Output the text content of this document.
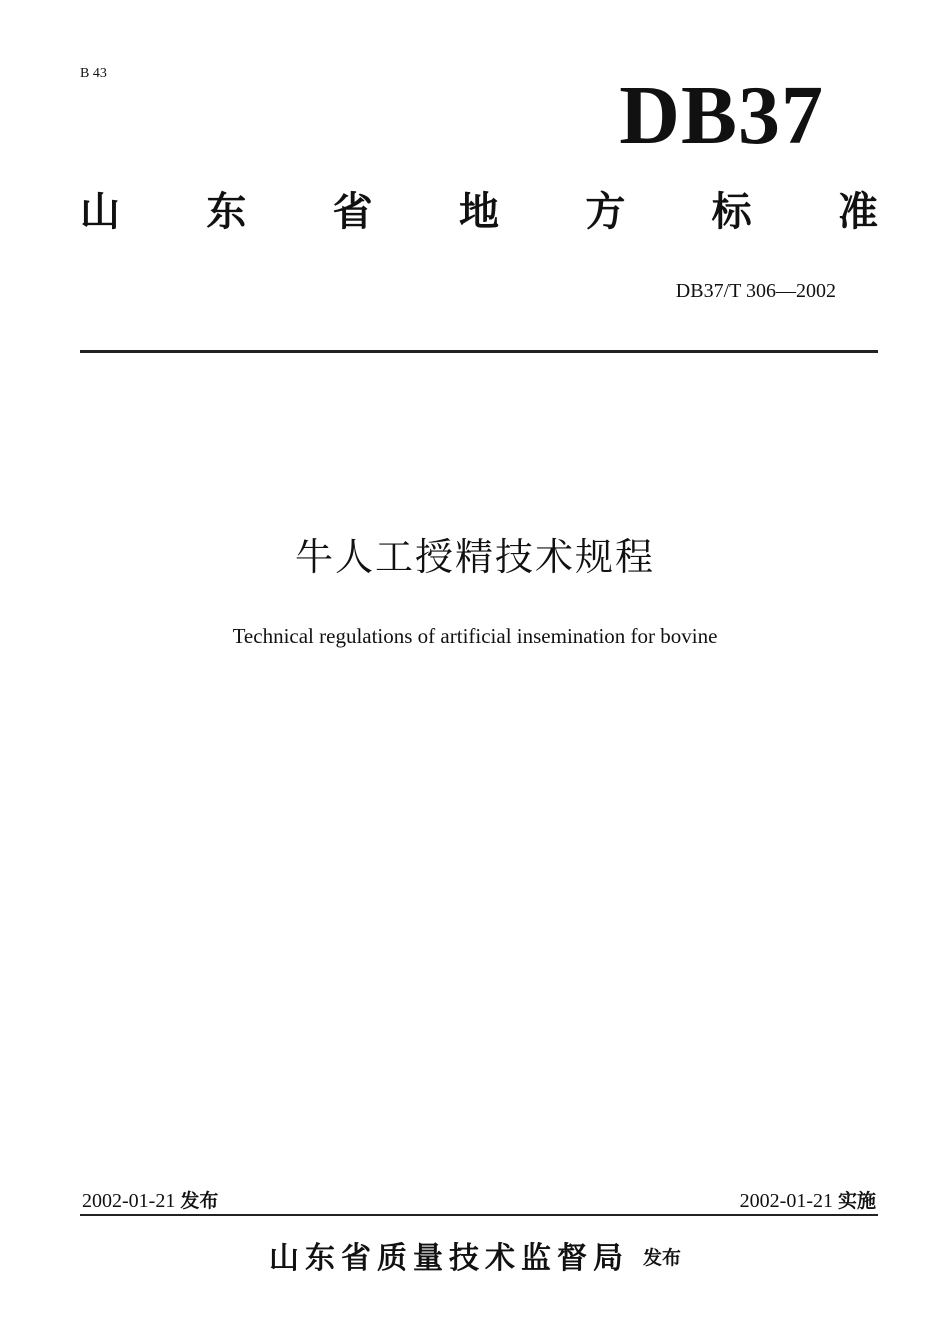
B 43	DB37
山 东 省 地 方 标 准
DB37/T 306—2002
牛人工授精技术规程
Technical regulations of artificial insemination for bovine
2002-01-21 发布	2002-01-21 实施
山东省质量技术监督局 发布
